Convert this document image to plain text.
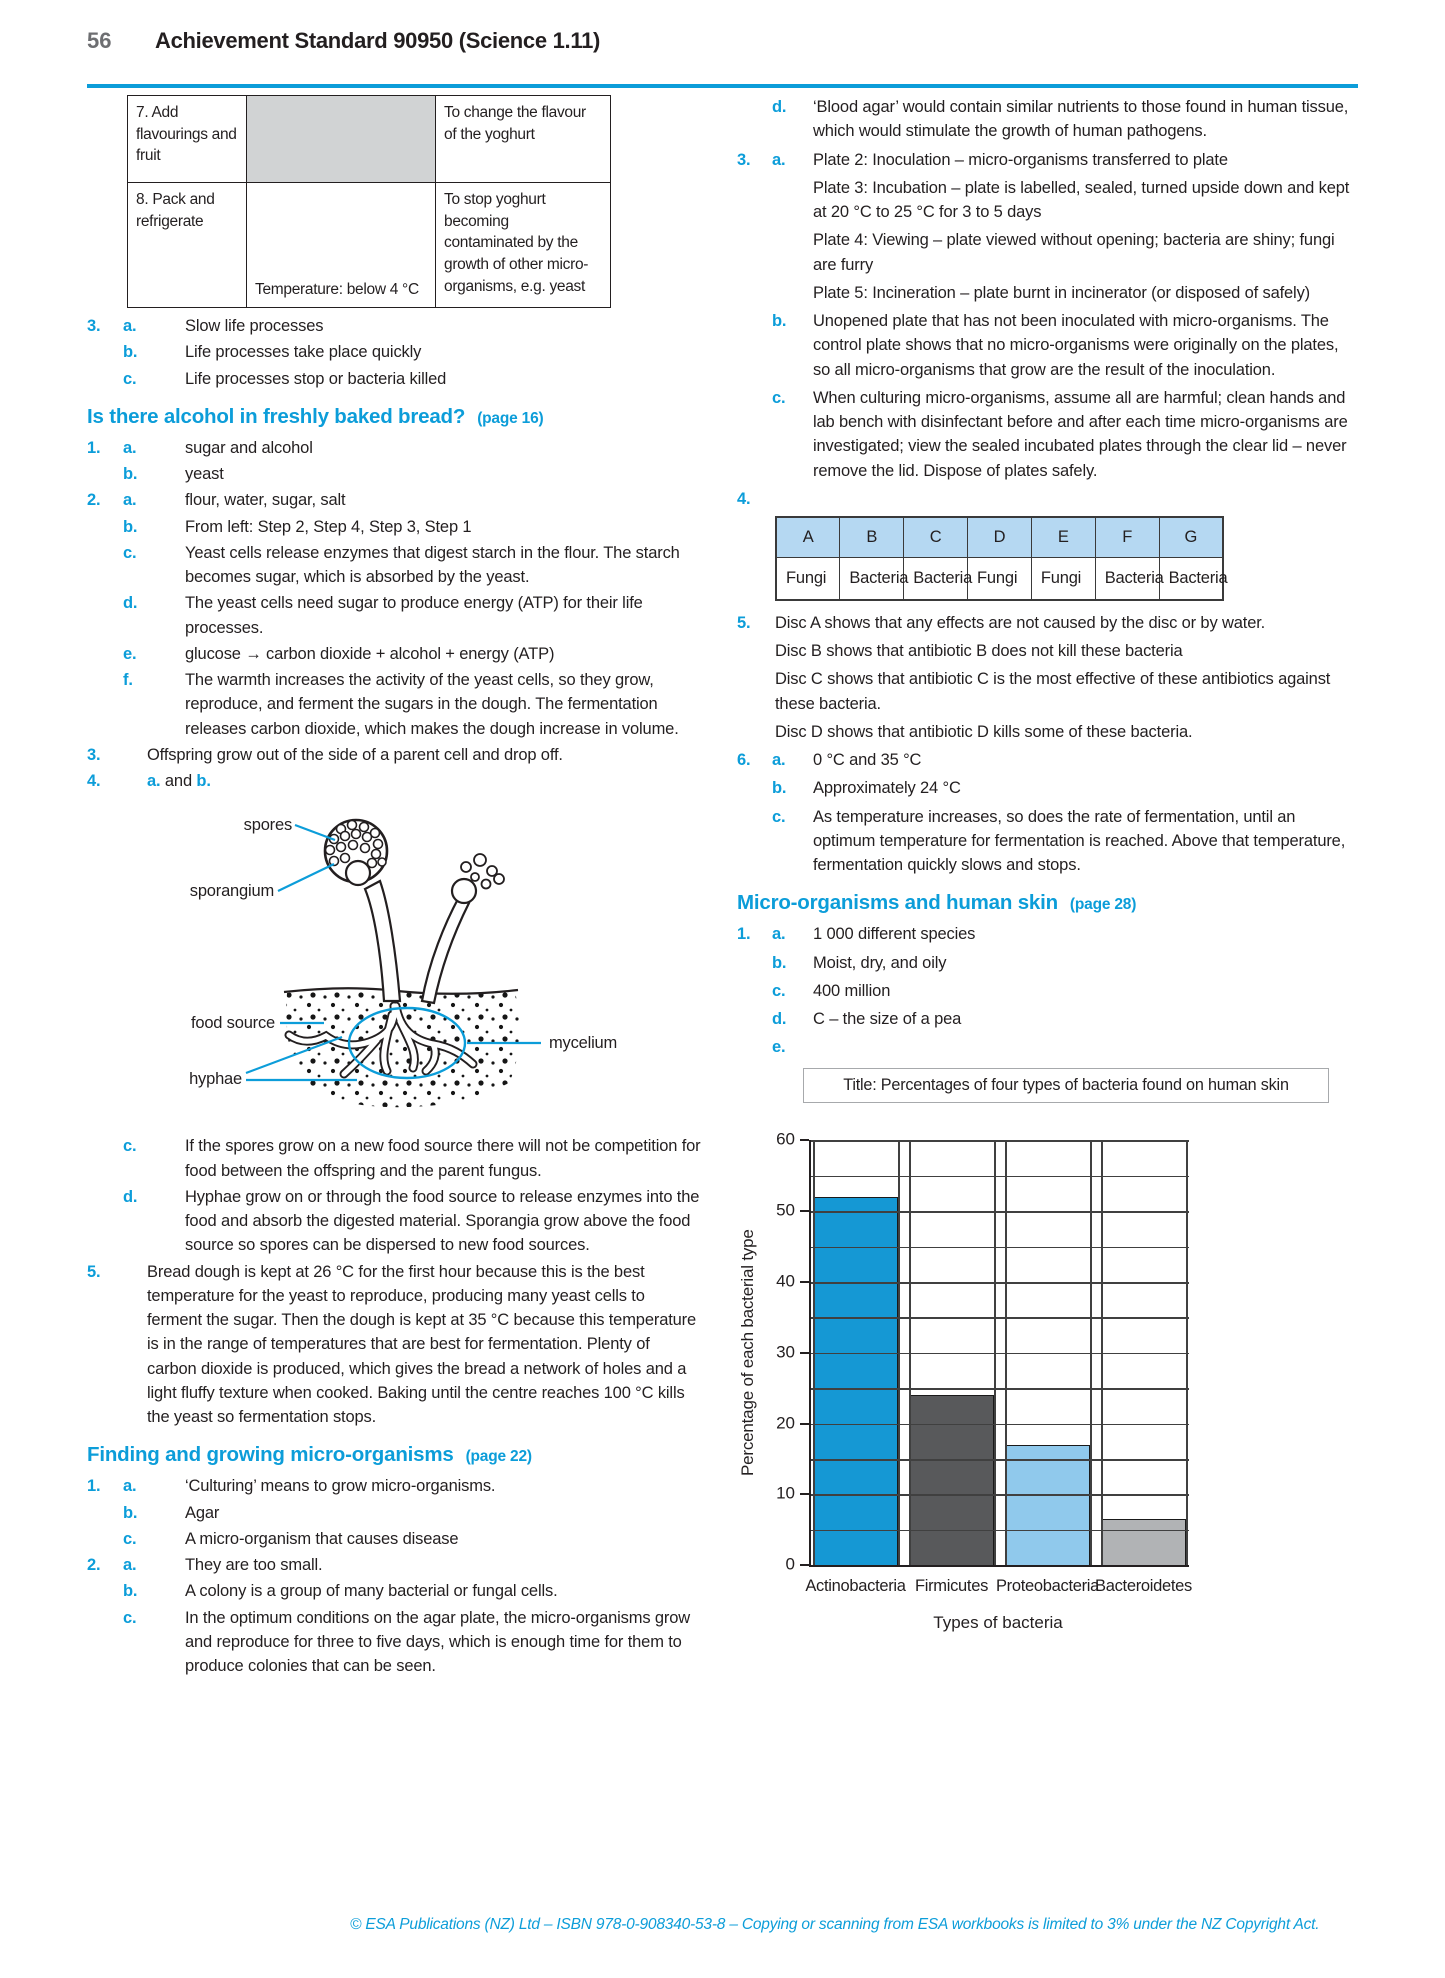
56 Achievement Standard 90950 (Science 1.11)
7. Add flavourings and fruit		To change the flavour of the yoghurt
8. Pack and refrigerate	Temperature: below 4 °C	To stop yoghurt becoming contaminated by the growth of other micro-organisms, e.g. yeast
3. a.	Slow life processes
b.	Life processes take place quickly
c.	Life processes stop or bacteria killed
Is there alcohol in freshly baked bread? (page 16)
1. a.	sugar and alcohol
b.	yeast
2. a.	flour, water, sugar, salt
b.	From left: Step 2, Step 4, Step 3, Step 1
c.	Yeast cells release enzymes that digest starch in the flour. The starch becomes sugar, which is absorbed by the yeast.
d.	The yeast cells need sugar to produce energy (ATP) for their life processes.
e.	glucose → carbon dioxide + alcohol + energy (ATP)
f.	The warmth increases the activity of the yeast cells, so they grow, reproduce, and ferment the sugars in the dough. The fermentation releases carbon dioxide, which makes the dough increase in volume.
3.	Offspring grow out of the side of a parent cell and drop off.
4.	a. and b.
spores
sporangium
food source
hyphae
mycelium
c.	If the spores grow on a new food source there will not be competition for food between the offspring and the parent fungus.
d.	Hyphae grow on or through the food source to release enzymes into the food and absorb the digested material. Sporangia grow above the food source so spores can be dispersed to new food sources.
5.	Bread dough is kept at 26 °C for the first hour because this is the best temperature for the yeast to reproduce, producing many yeast cells to ferment the sugar. Then the dough is kept at 35 °C because this temperature is in the range of temperatures that are best for fermentation. Plenty of carbon dioxide is produced, which gives the bread a network of holes and a light fluffy texture when cooked. Baking until the centre reaches 100 °C kills the yeast so fermentation stops.
Finding and growing micro-organisms (page 22)
1. a.	‘Culturing’ means to grow micro-organisms.
b.	Agar
c.	A micro-organism that causes disease
2. a.	They are too small.
b.	A colony is a group of many bacterial or fungal cells.
c.	In the optimum conditions on the agar plate, the micro-organisms grow and reproduce for three to five days, which is enough time for them to produce colonies that can be seen.
d. ‘Blood agar’ would contain similar nutrients to those found in human tissue, which would stimulate the growth of human pathogens.
3. a. Plate 2: Inoculation – micro-organisms transferred to plate
Plate 3: Incubation – plate is labelled, sealed, turned upside down and kept at 20 °C to 25 °C for 3 to 5 days
Plate 4: Viewing – plate viewed without opening; bacteria are shiny; fungi are furry
Plate 5: Incineration – plate burnt in incinerator (or disposed of safely)
b. Unopened plate that has not been inoculated with micro-organisms. The control plate shows that no micro-organisms were originally on the plates, so all micro-organisms that grow are the result of the inoculation.
c. When culturing micro-organisms, assume all are harmful; clean hands and lab bench with disinfectant before and after each time micro-organisms are investigated; view the sealed incubated plates through the clear lid – never remove the lid. Dispose of plates safely.
4.
A	B	C	D	E	F	G
Fungi	Bacteria	Bacteria	Fungi	Fungi	Bacteria	Bacteria
5. Disc A shows that any effects are not caused by the disc or by water.
Disc B shows that antibiotic B does not kill these bacteria
Disc C shows that antibiotic C is the most effective of these antibiotics against these bacteria.
Disc D shows that antibiotic D kills some of these bacteria.
6. a. 0 °C and 35 °C
b. Approximately 24 °C
c. As temperature increases, so does the rate of fermentation, until an optimum temperature for fermentation is reached. Above that temperature, fermentation quickly slows and stops.
Micro-organisms and human skin (page 28)
1. a. 1 000 different species
b. Moist, dry, and oily
c. 400 million
d. C – the size of a pea
e.
Title: Percentages of four types of bacteria found on human skin
Percentage of each bacterial type
0
10
20
30
40
50
60
Actinobacteria Firmicutes Proteobacteria
Bacteroidetes
Types of bacteria
© ESA Publications (NZ) Ltd – ISBN 978-0-908340-53-8 – Copying or scanning from ESA workbooks is limited to 3% under the NZ Copyright Act.
